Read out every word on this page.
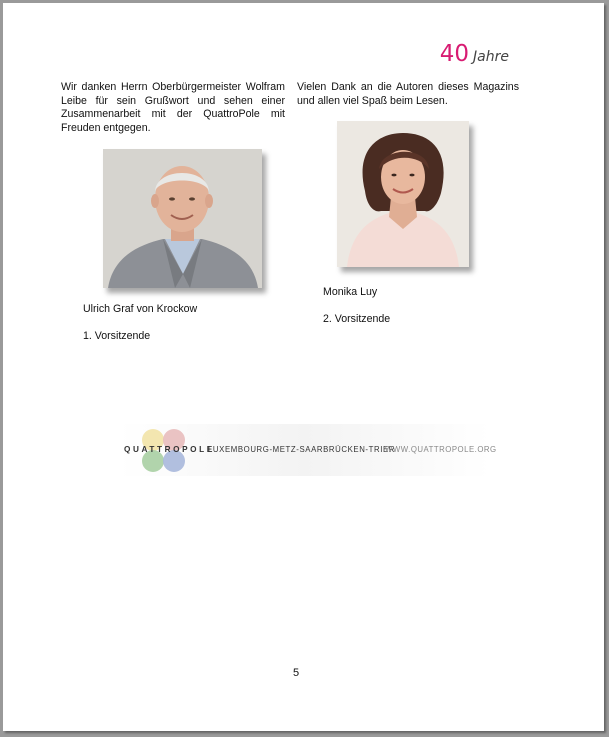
40 Jahre
Wir danken Herrn Oberbürgermeister Wolfram Leibe für sein Grußwort und sehen einer Zusammenarbeit mit der QuattroPole mit Freuden entgegen.
Vielen Dank an die Autoren dieses Magazins und allen viel Spaß beim Lesen.
Ulrich Graf von Krockow
1. Vorsitzende
Monika Luy
2. Vorsitzende
QUATTROPOLE
LUXEMBOURG-METZ-SAARBRÜCKEN-TRIER
WWW.QUATTROPOLE.ORG
5
